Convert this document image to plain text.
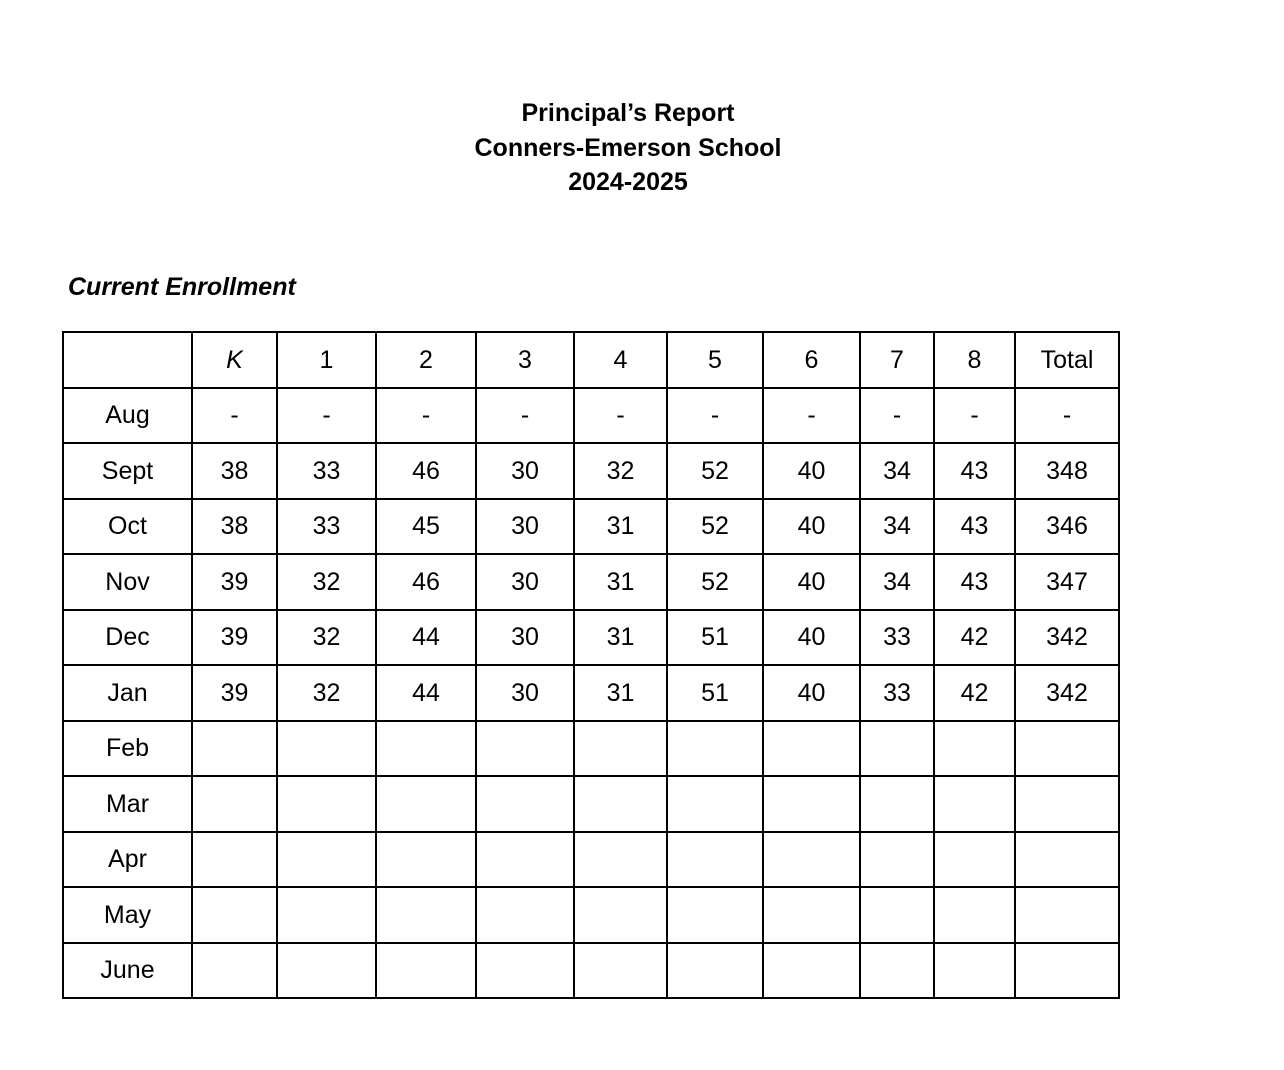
Principal’s Report
Conners-Emerson School
2024-2025
Current Enrollment
	K	1	2	3	4	5	6	7	8	Total
Aug	-	-	-	-	-	-	-	-	-	-
Sept	38	33	46	30	32	52	40	34	43	348
Oct	38	33	45	30	31	52	40	34	43	346
Nov	39	32	46	30	31	52	40	34	43	347
Dec	39	32	44	30	31	51	40	33	42	342
Jan	39	32	44	30	31	51	40	33	42	342
Feb										
Mar										
Apr										
May										
June										
